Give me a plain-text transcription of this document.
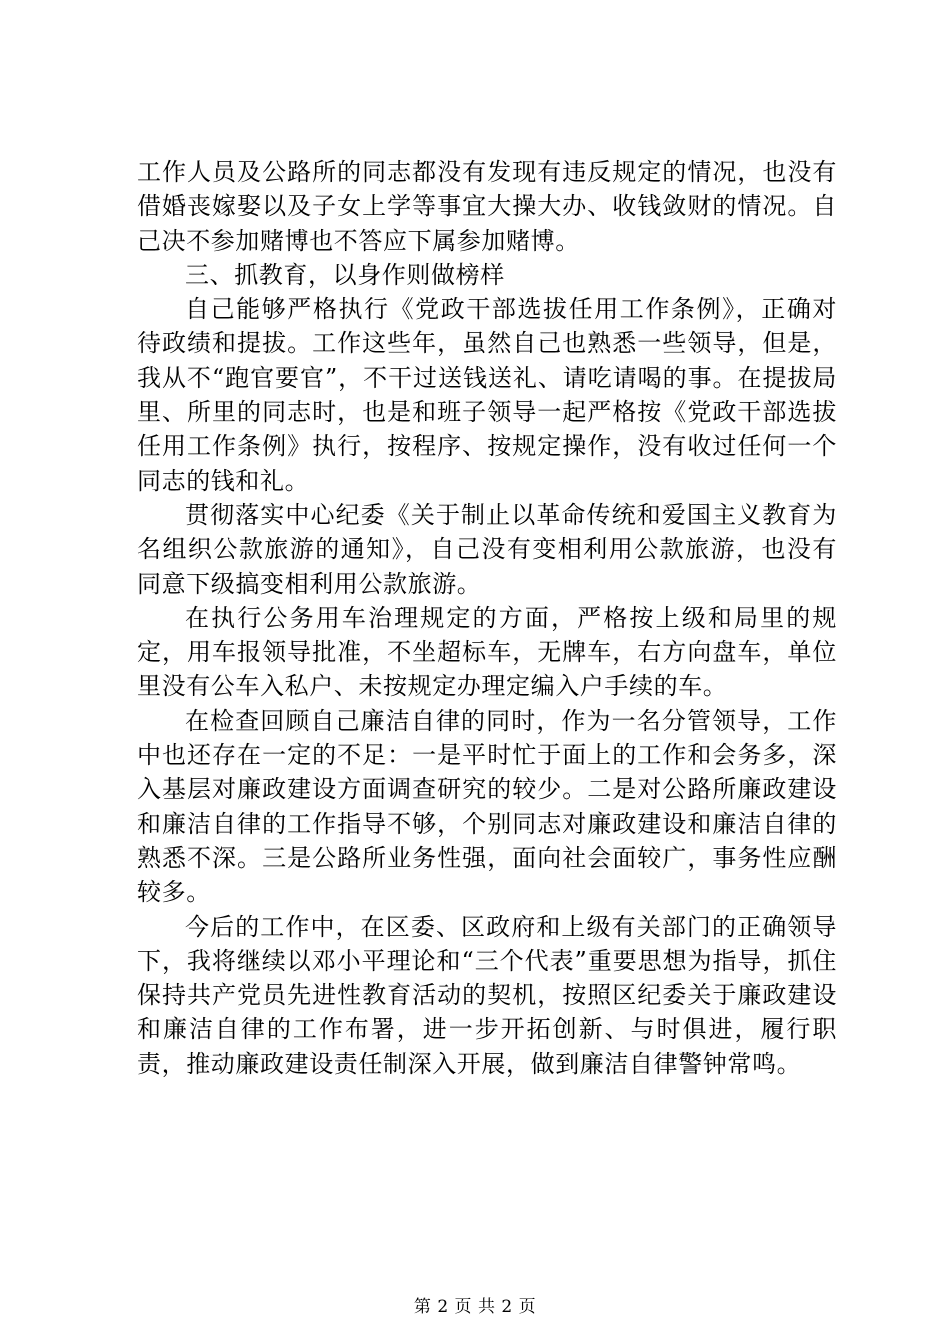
工作人员及公路所的同志都没有发现有违反规定的情况，也没有借婚丧嫁娶以及子女上学等事宜大操大办、收钱敛财的情况。自己决不参加赌博也不答应下属参加赌博。

三、抓教育，以身作则做榜样

自己能够严格执行《党政干部选拔任用工作条例》，正确对待政绩和提拔。工作这些年，虽然自己也熟悉一些领导，但是，我从不“跑官要官”，不干过送钱送礼、请吃请喝的事。在提拔局里、所里的同志时，也是和班子领导一起严格按《党政干部选拔任用工作条例》执行，按程序、按规定操作，没有收过任何一个同志的钱和礼。

贯彻落实中心纪委《关于制止以革命传统和爱国主义教育为名组织公款旅游的通知》，自己没有变相利用公款旅游，也没有同意下级搞变相利用公款旅游。

在执行公务用车治理规定的方面，严格按上级和局里的规定，用车报领导批准，不坐超标车，无牌车，右方向盘车，单位里没有公车入私户、未按规定办理定编入户手续的车。

在检查回顾自己廉洁自律的同时，作为一名分管领导，工作中也还存在一定的不足：一是平时忙于面上的工作和会务多，深入基层对廉政建设方面调查研究的较少。二是对公路所廉政建设和廉洁自律的工作指导不够，个别同志对廉政建设和廉洁自律的熟悉不深。三是公路所业务性强，面向社会面较广，事务性应酬较多。

今后的工作中，在区委、区政府和上级有关部门的正确领导下，我将继续以邓小平理论和“三个代表”重要思想为指导，抓住保持共产党员先进性教育活动的契机，按照区纪委关于廉政建设和廉洁自律的工作布署，进一步开拓创新、与时俱进，履行职责，推动廉政建设责任制深入开展，做到廉洁自律警钟常鸣。

第 2 页 共 2 页
